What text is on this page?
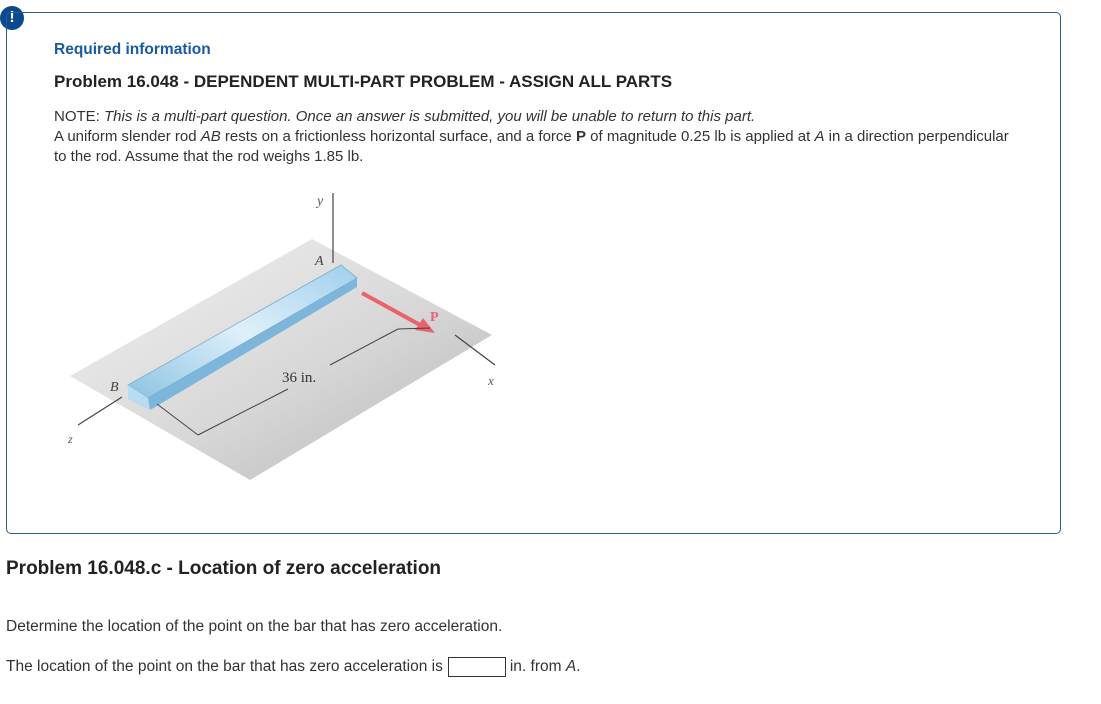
!
Required information
Problem 16.048 - DEPENDENT MULTI-PART PROBLEM - ASSIGN ALL PARTS
NOTE: This is a multi-part question. Once an answer is submitted, you will be unable to return to this part.
A uniform slender rod AB rests on a frictionless horizontal surface, and a force P of magnitude 0.25 lb is applied at A in a direction perpendicular to the rod. Assume that the rod weighs 1.85 lb.
y
A
B
P
x
z
36 in.
Problem 16.048.c - Location of zero acceleration
Determine the location of the point on the bar that has zero acceleration.
The location of the point on the bar that has zero acceleration is	in. from A.
